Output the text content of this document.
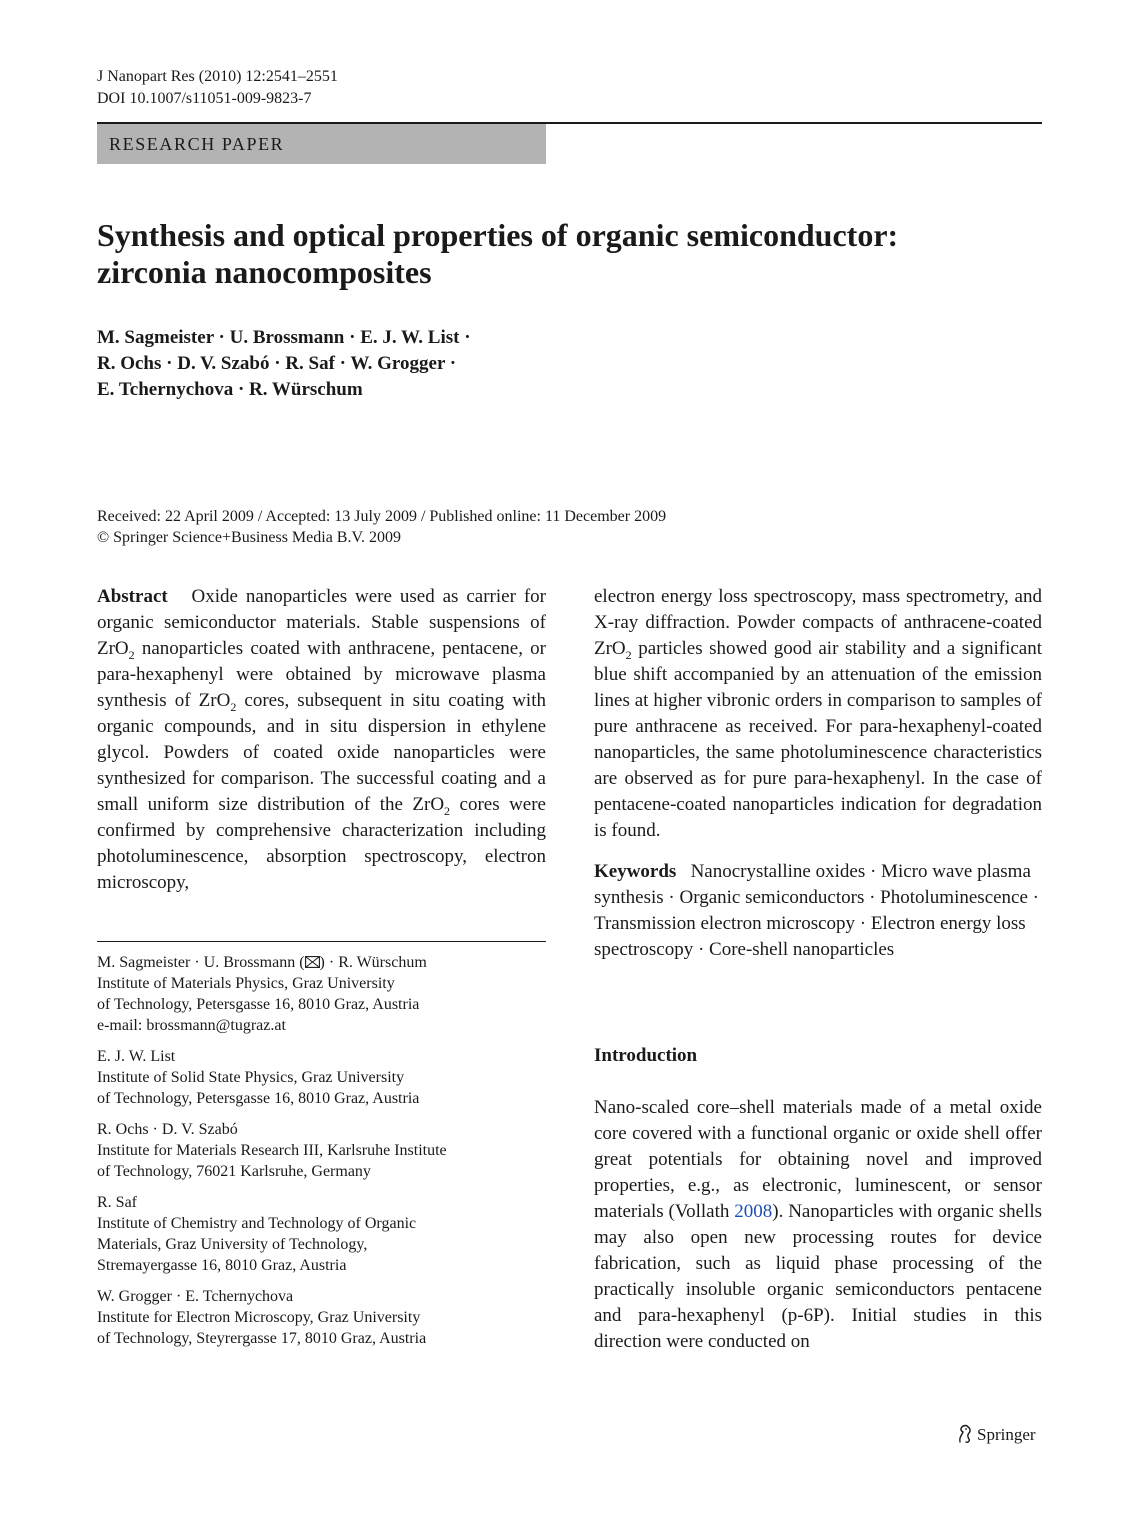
J Nanopart Res (2010) 12:2541–2551
DOI 10.1007/s11051-009-9823-7
RESEARCH PAPER
Synthesis and optical properties of organic semiconductor:
zirconia nanocomposites
M. Sagmeister · U. Brossmann · E. J. W. List ·
R. Ochs · D. V. Szabó · R. Saf · W. Grogger ·
E. Tchernychova · R. Würschum
Received: 22 April 2009 / Accepted: 13 July 2009 / Published online: 11 December 2009
© Springer Science+Business Media B.V. 2009

Abstract Oxide nanoparticles were used as carrier for organic semiconductor materials. Stable suspensions of ZrO$_2$ nanoparticles coated with anthracene, pentacene, or para-hexaphenyl were obtained by microwave plasma synthesis of ZrO$_2$ cores, subsequent in situ coating with organic compounds, and in situ dispersion in ethylene glycol. Powders of coated oxide nanoparticles were synthesized for comparison. The successful coating and a small uniform size distribution of the ZrO$_2$ cores were confirmed by comprehensive characterization including photoluminescence, absorption spectroscopy, electron microscopy,

M. Sagmeister · U. Brossmann ( ) · R. Würschum
Institute of Materials Physics, Graz University
of Technology, Petersgasse 16, 8010 Graz, Austria
e-mail: brossmann@tugraz.at
E. J. W. List
Institute of Solid State Physics, Graz University
of Technology, Petersgasse 16, 8010 Graz, Austria
R. Ochs · D. V. Szabó
Institute for Materials Research III, Karlsruhe Institute
of Technology, 76021 Karlsruhe, Germany
R. Saf
Institute of Chemistry and Technology of Organic
Materials, Graz University of Technology,
Stremayergasse 16, 8010 Graz, Austria
W. Grogger · E. Tchernychova
Institute for Electron Microscopy, Graz University
of Technology, Steyrergasse 17, 8010 Graz, Austria

electron energy loss spectroscopy, mass spectrometry, and X-ray diffraction. Powder compacts of anthracene-coated ZrO$_2$ particles showed good air stability and a significant blue shift accompanied by an attenuation of the emission lines at higher vibronic orders in comparison to samples of pure anthracene as received. For para-hexaphenyl-coated nanoparticles, the same photoluminescence characteristics are observed as for pure para-hexaphenyl. In the case of pentacene-coated nanoparticles indication for degradation is found.

Keywords Nanocrystalline oxides · Micro wave plasma synthesis · Organic semiconductors · Photoluminescence · Transmission electron microscopy · Electron energy loss spectroscopy · Core-shell nanoparticles
Introduction

Nano-scaled core–shell materials made of a metal oxide core covered with a functional organic or oxide shell offer great potentials for obtaining novel and improved properties, e.g., as electronic, luminescent, or sensor materials (Vollath 2008). Nanoparticles with organic shells may also open new processing routes for device fabrication, such as liquid phase processing of the practically insoluble organic semiconductors pentacene and para-hexaphenyl (p-6P). Initial studies in this direction were conducted on

Springer
